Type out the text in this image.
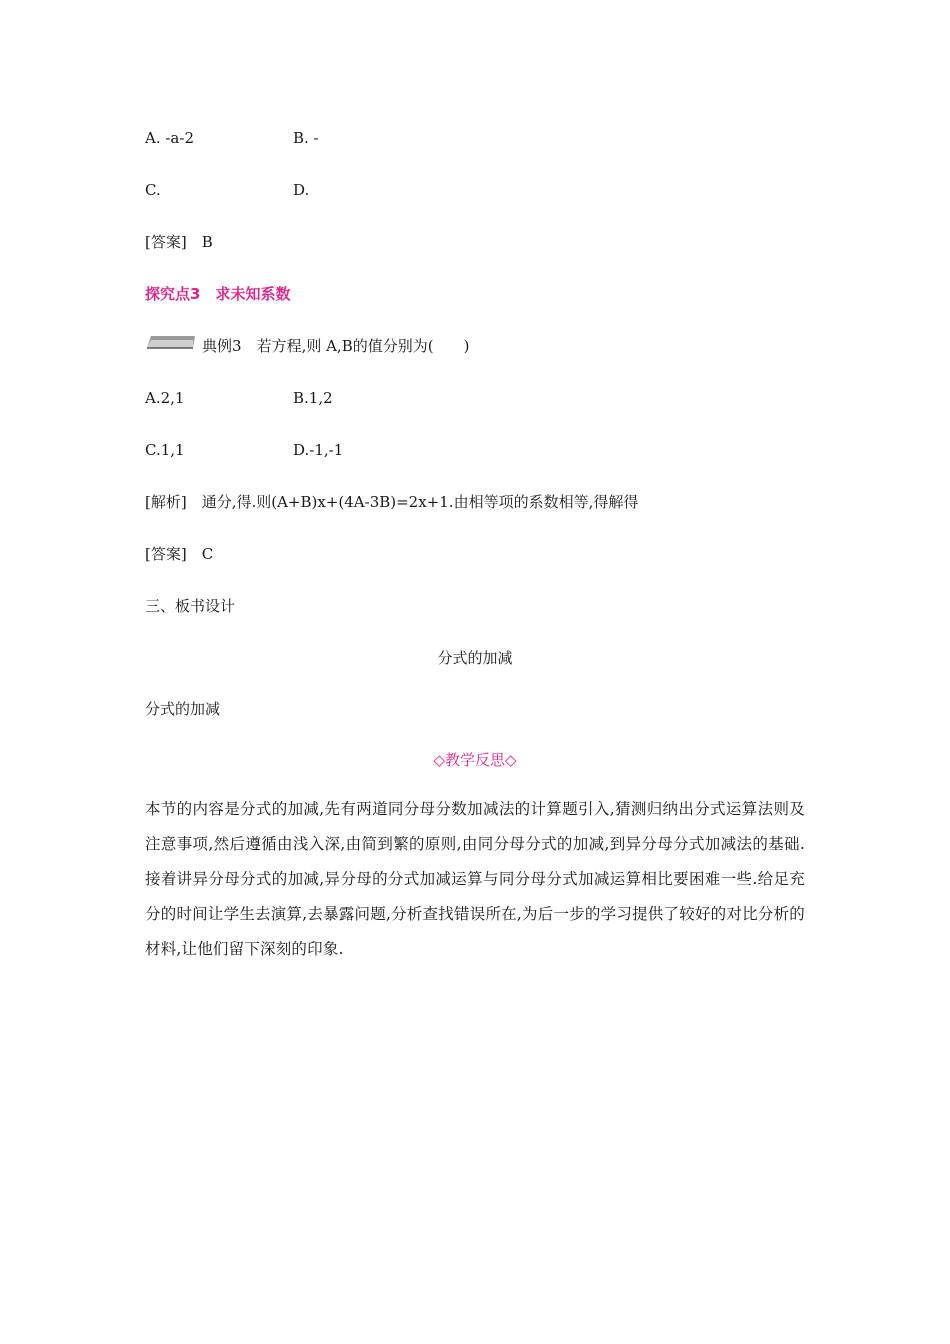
A. -a-2	B. -
C.	D.
[答案]　B
探究点3　求未知系数
典例3　 若方程,则 A,B的值分别为(　　)
A.2,1	B.1,2
C.1,1	D.-1,-1
[解析]　通分,得.则(A+B)x+(4A-3B)=2x+1.由相等项的系数相等,得解得
[答案]　C
三、板书设计
分式的加减
分式的加减
◇教学反思◇
本节的内容是分式的加减,先有两道同分母分数加减法的计算题引入,猜测归纳出分式运算法则及注意事项,然后遵循由浅入深,由简到繁的原则,由同分母分式的加减,到异分母分式加减法的基础.接着讲异分母分式的加减,异分母的分式加减运算与同分母分式加减运算相比要困难一些.给足充分的时间让学生去演算,去暴露问题,分析查找错误所在,为后一步的学习提供了较好的对比分析的材料,让他们留下深刻的印象.
